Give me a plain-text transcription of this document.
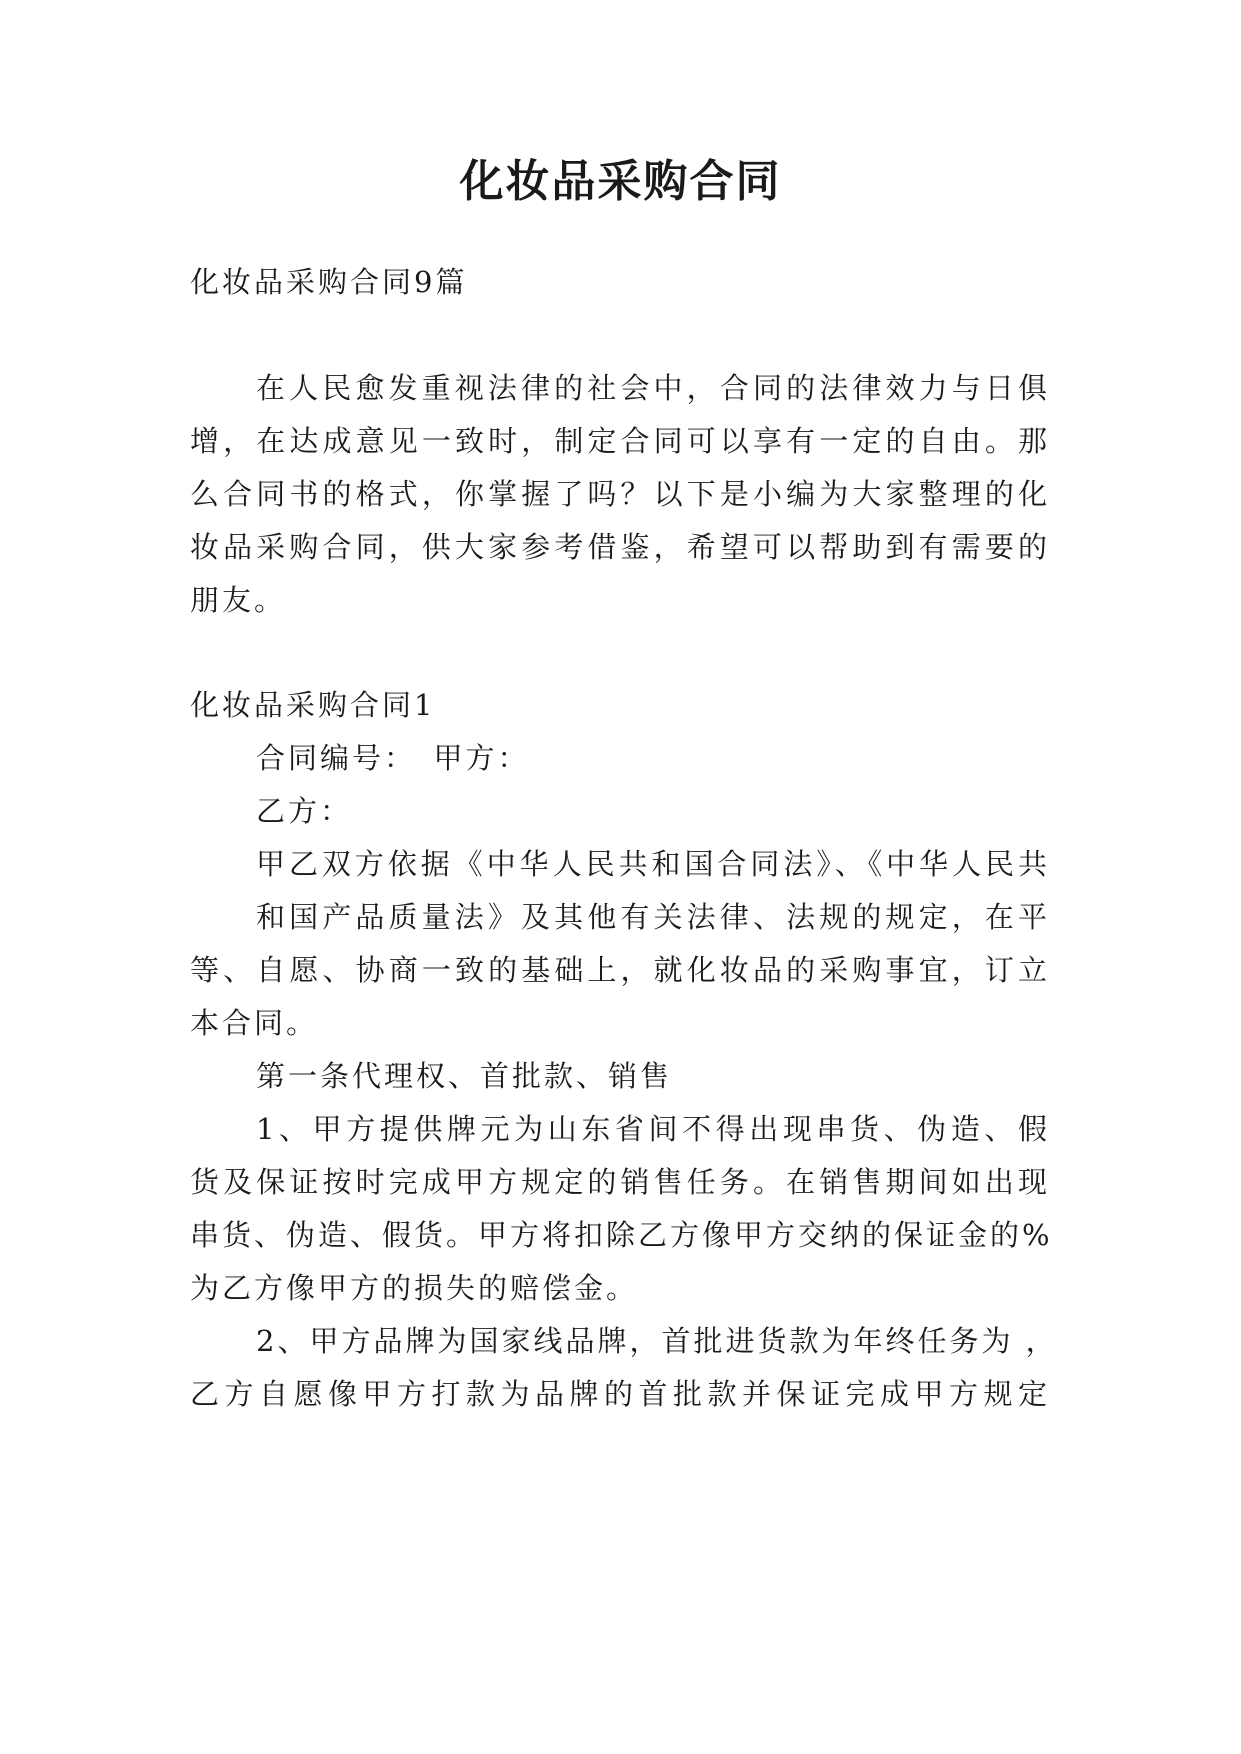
化妆品采购合同
化妆品采购合同9篇
在人民愈发重视法律的社会中，合同的法律效力与日俱
增，在达成意见一致时，制定合同可以享有一定的自由。那
么合同书的格式，你掌握了吗？以下是小编为大家整理的化
妆品采购合同，供大家参考借鉴，希望可以帮助到有需要的
朋友。
化妆品采购合同1
合同编号：　甲方：
乙方：
甲乙双方依据《中华人民共和国合同法》、《中华人民共
和国产品质量法》及其他有关法律、法规的规定，在平
等、自愿、协商一致的基础上，就化妆品的采购事宜，订立
本合同。
第一条代理权、首批款、销售
1、甲方提供牌元为山东省间不得出现串货、伪造、假
货及保证按时完成甲方规定的销售任务。在销售期间如出现
串货、伪造、假货。甲方将扣除乙方像甲方交纳的保证金的%
为乙方像甲方的损失的赔偿金。
2、甲方品牌为国家线品牌，首批进货款为年终任务为 ，
乙方自愿像甲方打款为品牌的首批款并保证完成甲方规定
